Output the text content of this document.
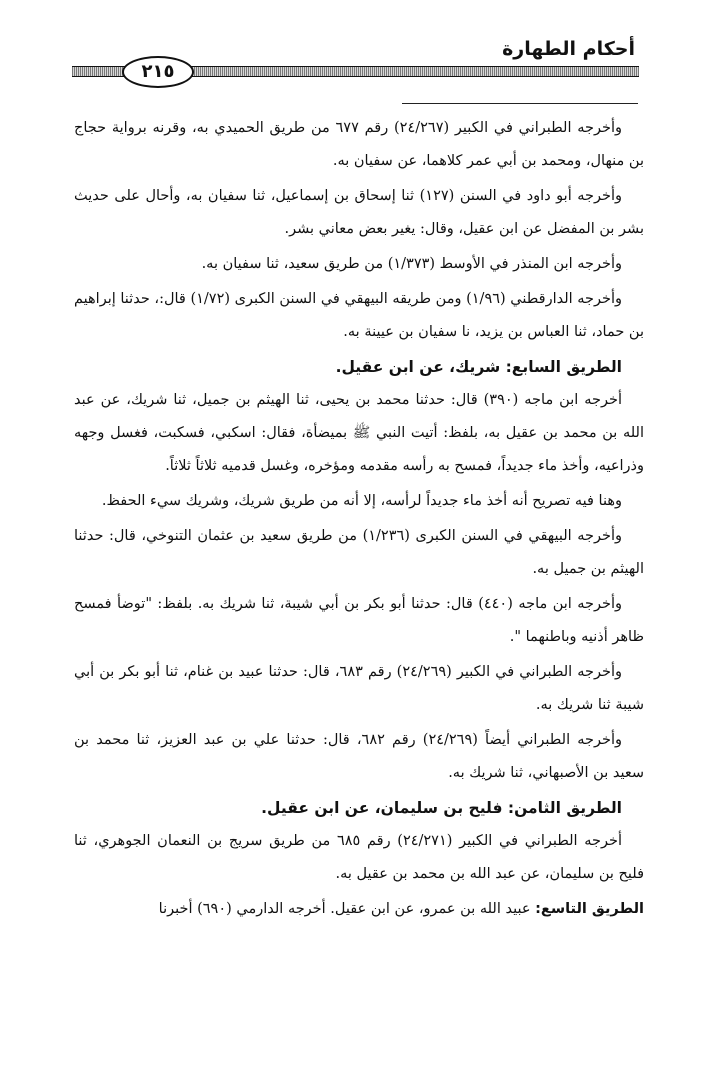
أحكام الطهارة
٢١٥

وأخرجه الطبراني في الكبير (٢٤/٢٦٧) رقم ٦٧٧ من طريق الحميدي به، وقرنه برواية حجاج بن منهال، ومحمد بن أبي عمر كلاهما، عن سفيان به.

وأخرجه أبو داود في السنن (١٢٧) ثنا إسحاق بن إسماعيل، ثنا سفيان به، وأحال على حديث بشر بن المفضل عن ابن عقيل، وقال: يغير بعض معاني بشر.

وأخرجه ابن المنذر في الأوسط (١/٣٧٣) من طريق سعيد، ثنا سفيان به.

وأخرجه الدارقطني (١/٩٦) ومن طريقه البيهقي في السنن الكبرى (١/٧٢) قال:، حدثنا إبراهيم بن حماد، ثنا العباس بن يزيد، نا سفيان بن عيينة به.

الطريق السابع: شريك، عن ابن عقيل.

أخرجه ابن ماجه (٣٩٠) قال: حدثنا محمد بن يحيى، ثنا الهيثم بن جميل، ثنا شريك، عن عبد الله بن محمد بن عقيل به، بلفظ: أتيت النبي ﷺ بميضأة، فقال: اسكبي، فسكبت، فغسل وجهه وذراعيه، وأخذ ماء جديداً، فمسح به رأسه مقدمه ومؤخره، وغسل قدميه ثلاثاً ثلاثاً.

وهنا فيه تصريح أنه أخذ ماء جديداً لرأسه، إلا أنه من طريق شريك، وشريك سيء الحفظ.

وأخرجه البيهقي في السنن الكبرى (١/٢٣٦) من طريق سعيد بن عثمان التنوخي، قال: حدثنا الهيثم بن جميل به.

وأخرجه ابن ماجه (٤٤٠) قال: حدثنا أبو بكر بن أبي شيبة، ثنا شريك به. بلفظ: "توضأ فمسح ظاهر أذنيه وباطنهما ".

وأخرجه الطبراني في الكبير (٢٤/٢٦٩) رقم ٦٨٣، قال: حدثنا عبيد بن غنام، ثنا أبو بكر بن أبي شيبة ثنا شريك به.

وأخرجه الطبراني أيضاً (٢٤/٢٦٩) رقم ٦٨٢، قال: حدثنا علي بن عبد العزيز، ثنا محمد بن سعيد بن الأصبهاني، ثنا شريك به.

الطريق الثامن: فليح بن سليمان، عن ابن عقيل.

أخرجه الطبراني في الكبير (٢٤/٢٧١) رقم ٦٨٥ من طريق سريج بن النعمان الجوهري، ثنا فليح بن سليمان، عن عبد الله بن محمد بن عقيل به.

الطريق التاسع: عبيد الله بن عمرو، عن ابن عقيل. أخرجه الدارمي (٦٩٠) أخبرنا
